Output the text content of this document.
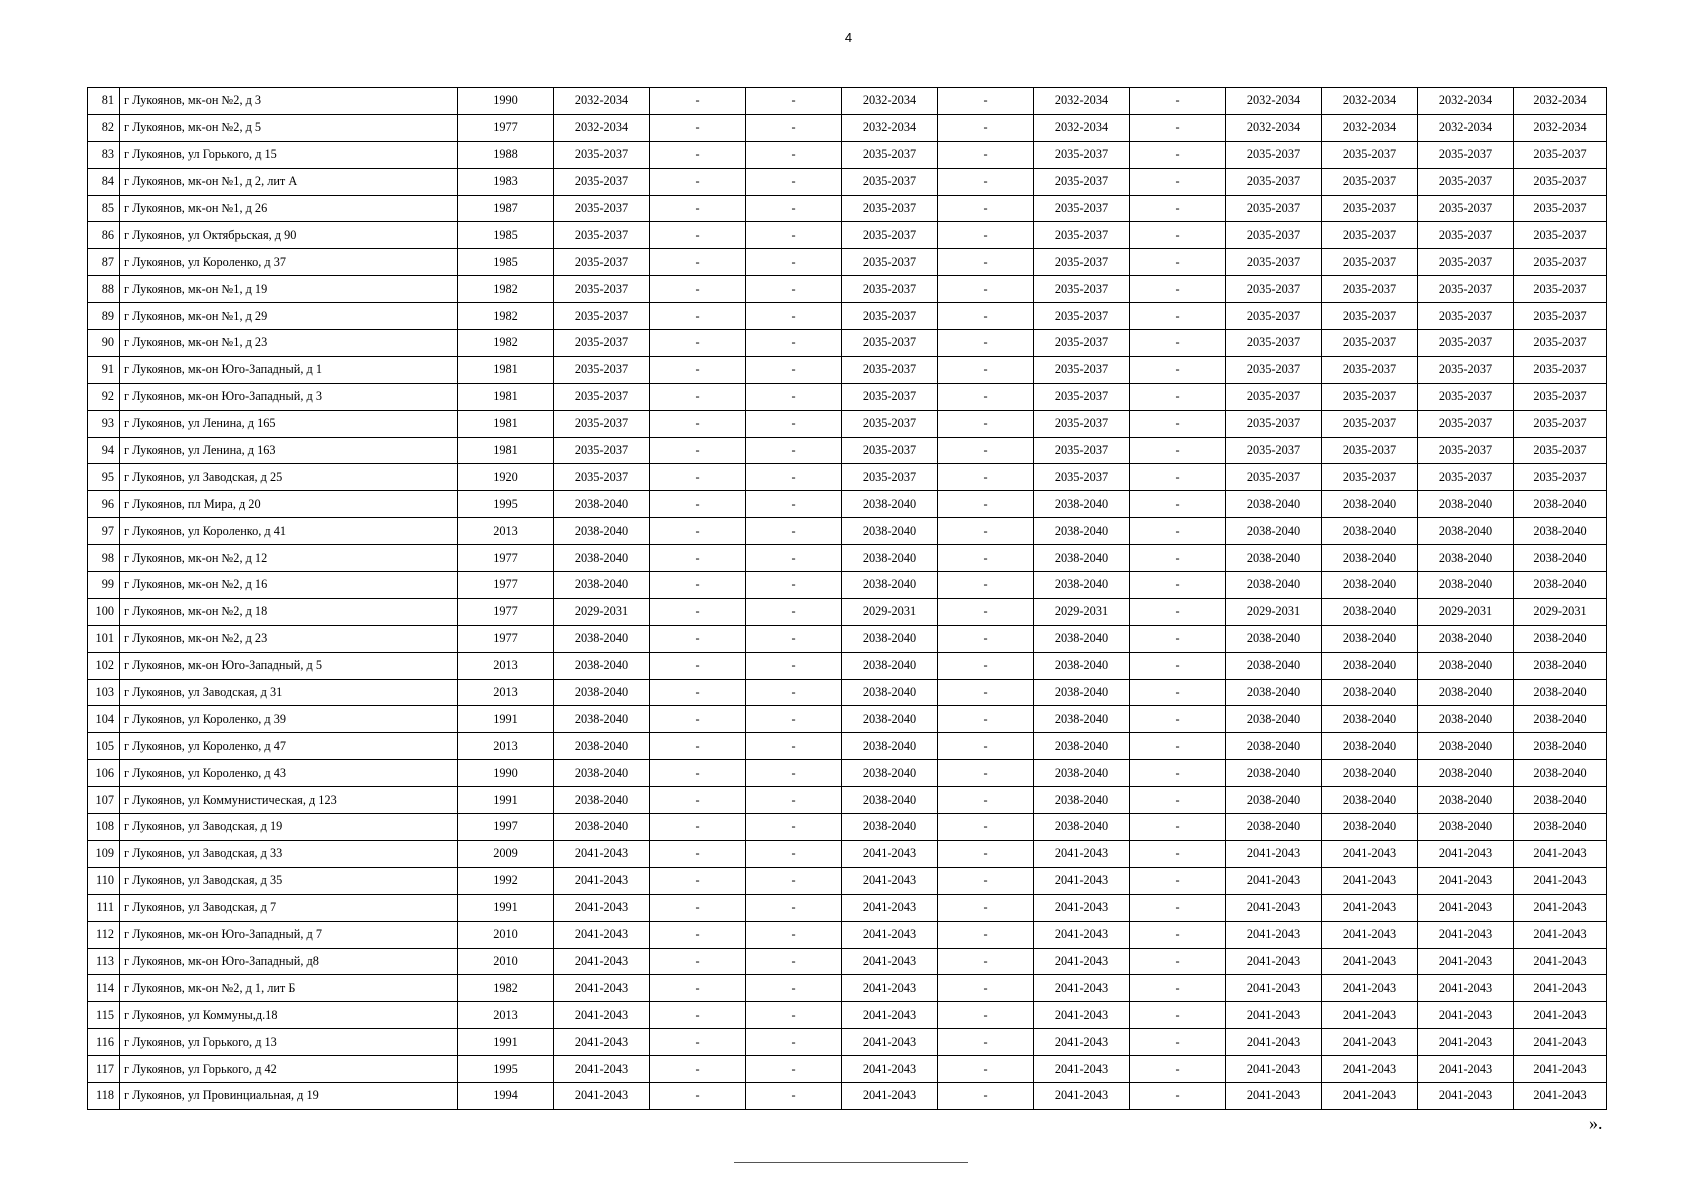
4
81	г Лукоянов, мк-он №2, д 3	1990	2032-2034	-	-	2032-2034	-	2032-2034	-	2032-2034	2032-2034	2032-2034	2032-2034
82	г Лукоянов, мк-он №2, д 5	1977	2032-2034	-	-	2032-2034	-	2032-2034	-	2032-2034	2032-2034	2032-2034	2032-2034
83	г Лукоянов, ул Горького, д 15	1988	2035-2037	-	-	2035-2037	-	2035-2037	-	2035-2037	2035-2037	2035-2037	2035-2037
84	г Лукоянов, мк-он №1, д 2, лит А	1983	2035-2037	-	-	2035-2037	-	2035-2037	-	2035-2037	2035-2037	2035-2037	2035-2037
85	г Лукоянов, мк-он №1, д 26	1987	2035-2037	-	-	2035-2037	-	2035-2037	-	2035-2037	2035-2037	2035-2037	2035-2037
86	г Лукоянов, ул Октябрьская, д 90	1985	2035-2037	-	-	2035-2037	-	2035-2037	-	2035-2037	2035-2037	2035-2037	2035-2037
87	г Лукоянов, ул Короленко, д 37	1985	2035-2037	-	-	2035-2037	-	2035-2037	-	2035-2037	2035-2037	2035-2037	2035-2037
88	г Лукоянов, мк-он №1, д 19	1982	2035-2037	-	-	2035-2037	-	2035-2037	-	2035-2037	2035-2037	2035-2037	2035-2037
89	г Лукоянов, мк-он №1, д 29	1982	2035-2037	-	-	2035-2037	-	2035-2037	-	2035-2037	2035-2037	2035-2037	2035-2037
90	г Лукоянов, мк-он №1, д 23	1982	2035-2037	-	-	2035-2037	-	2035-2037	-	2035-2037	2035-2037	2035-2037	2035-2037
91	г Лукоянов, мк-он Юго-Западный, д 1	1981	2035-2037	-	-	2035-2037	-	2035-2037	-	2035-2037	2035-2037	2035-2037	2035-2037
92	г Лукоянов, мк-он Юго-Западный, д 3	1981	2035-2037	-	-	2035-2037	-	2035-2037	-	2035-2037	2035-2037	2035-2037	2035-2037
93	г Лукоянов, ул Ленина, д 165	1981	2035-2037	-	-	2035-2037	-	2035-2037	-	2035-2037	2035-2037	2035-2037	2035-2037
94	г Лукоянов, ул Ленина, д 163	1981	2035-2037	-	-	2035-2037	-	2035-2037	-	2035-2037	2035-2037	2035-2037	2035-2037
95	г Лукоянов, ул Заводская, д 25	1920	2035-2037	-	-	2035-2037	-	2035-2037	-	2035-2037	2035-2037	2035-2037	2035-2037
96	г Лукоянов, пл Мира, д 20	1995	2038-2040	-	-	2038-2040	-	2038-2040	-	2038-2040	2038-2040	2038-2040	2038-2040
97	г Лукоянов, ул Короленко, д 41	2013	2038-2040	-	-	2038-2040	-	2038-2040	-	2038-2040	2038-2040	2038-2040	2038-2040
98	г Лукоянов, мк-он №2, д 12	1977	2038-2040	-	-	2038-2040	-	2038-2040	-	2038-2040	2038-2040	2038-2040	2038-2040
99	г Лукоянов, мк-он №2, д 16	1977	2038-2040	-	-	2038-2040	-	2038-2040	-	2038-2040	2038-2040	2038-2040	2038-2040
100	г Лукоянов, мк-он №2, д 18	1977	2029-2031	-	-	2029-2031	-	2029-2031	-	2029-2031	2038-2040	2029-2031	2029-2031
101	г Лукоянов, мк-он №2, д 23	1977	2038-2040	-	-	2038-2040	-	2038-2040	-	2038-2040	2038-2040	2038-2040	2038-2040
102	г Лукоянов, мк-он Юго-Западный, д 5	2013	2038-2040	-	-	2038-2040	-	2038-2040	-	2038-2040	2038-2040	2038-2040	2038-2040
103	г Лукоянов, ул Заводская, д 31	2013	2038-2040	-	-	2038-2040	-	2038-2040	-	2038-2040	2038-2040	2038-2040	2038-2040
104	г Лукоянов, ул Короленко, д 39	1991	2038-2040	-	-	2038-2040	-	2038-2040	-	2038-2040	2038-2040	2038-2040	2038-2040
105	г Лукоянов, ул Короленко, д 47	2013	2038-2040	-	-	2038-2040	-	2038-2040	-	2038-2040	2038-2040	2038-2040	2038-2040
106	г Лукоянов, ул Короленко, д 43	1990	2038-2040	-	-	2038-2040	-	2038-2040	-	2038-2040	2038-2040	2038-2040	2038-2040
107	г Лукоянов, ул Коммунистическая, д 123	1991	2038-2040	-	-	2038-2040	-	2038-2040	-	2038-2040	2038-2040	2038-2040	2038-2040
108	г Лукоянов, ул Заводская, д 19	1997	2038-2040	-	-	2038-2040	-	2038-2040	-	2038-2040	2038-2040	2038-2040	2038-2040
109	г Лукоянов, ул Заводская, д 33	2009	2041-2043	-	-	2041-2043	-	2041-2043	-	2041-2043	2041-2043	2041-2043	2041-2043
110	г Лукоянов, ул Заводская, д 35	1992	2041-2043	-	-	2041-2043	-	2041-2043	-	2041-2043	2041-2043	2041-2043	2041-2043
111	г Лукоянов, ул Заводская, д 7	1991	2041-2043	-	-	2041-2043	-	2041-2043	-	2041-2043	2041-2043	2041-2043	2041-2043
112	г Лукоянов, мк-он Юго-Западный, д 7	2010	2041-2043	-	-	2041-2043	-	2041-2043	-	2041-2043	2041-2043	2041-2043	2041-2043
113	г Лукоянов, мк-он Юго-Западный, д8	2010	2041-2043	-	-	2041-2043	-	2041-2043	-	2041-2043	2041-2043	2041-2043	2041-2043
114	г Лукоянов, мк-он №2, д 1, лит Б	1982	2041-2043	-	-	2041-2043	-	2041-2043	-	2041-2043	2041-2043	2041-2043	2041-2043
115	г Лукоянов, ул Коммуны,д.18	2013	2041-2043	-	-	2041-2043	-	2041-2043	-	2041-2043	2041-2043	2041-2043	2041-2043
116	г Лукоянов, ул Горького, д 13	1991	2041-2043	-	-	2041-2043	-	2041-2043	-	2041-2043	2041-2043	2041-2043	2041-2043
117	г Лукоянов, ул Горького, д 42	1995	2041-2043	-	-	2041-2043	-	2041-2043	-	2041-2043	2041-2043	2041-2043	2041-2043
118	г Лукоянов, ул Провинциальная, д 19	1994	2041-2043	-	-	2041-2043	-	2041-2043	-	2041-2043	2041-2043	2041-2043	2041-2043
».
